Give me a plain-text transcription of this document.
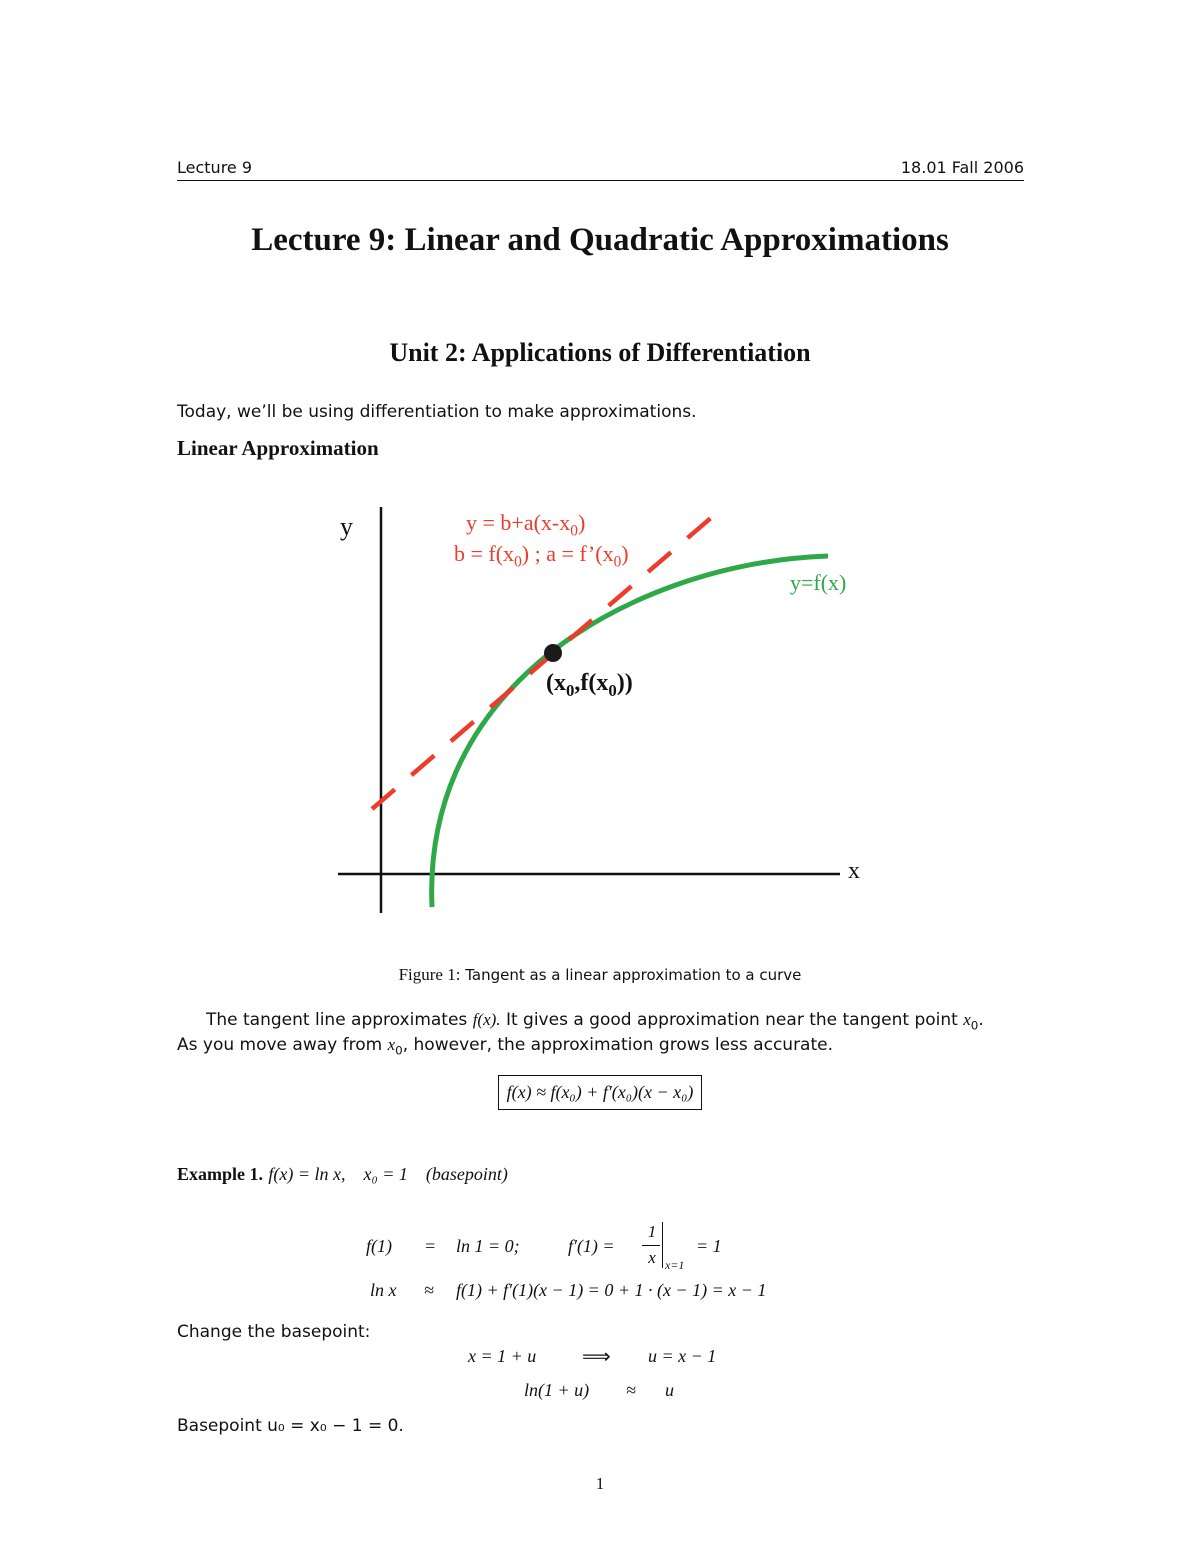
Lecture 9	18.01 Fall 2006
Lecture 9: Linear and Quadratic Approximations
Unit 2: Applications of Differentiation
Today, we’ll be using differentiation to make approximations.
Linear Approximation
y
x
$y = b+a(x-x_0)$
$b = f(x_0)$ ; $a = f’(x_0)$
y=f(x)
$(x_0,f(x_0))$
Figure 1: Tangent as a linear approximation to a curve
The tangent line approximates f(x). It gives a good approximation near the tangent point $x_0$.
As you move away from $x_0$, however, the approximation grows less accurate.
f(x) ≈ f(x₀) + f′(x₀)(x − x₀)
Example 1. f(x) = ln x,    x₀ = 1    (basepoint)
f(1) = ln 1 = 0;	f′(1) =
1
x x=1
= 1
ln x ≈ f(1) + f′(1)(x − 1) = 0 + 1 · (x − 1) = x − 1
Change the basepoint:
x = 1 + u ⟹ u = x − 1
ln(1 + u) ≈ u
Basepoint u₀ = x₀ − 1 = 0.
1
